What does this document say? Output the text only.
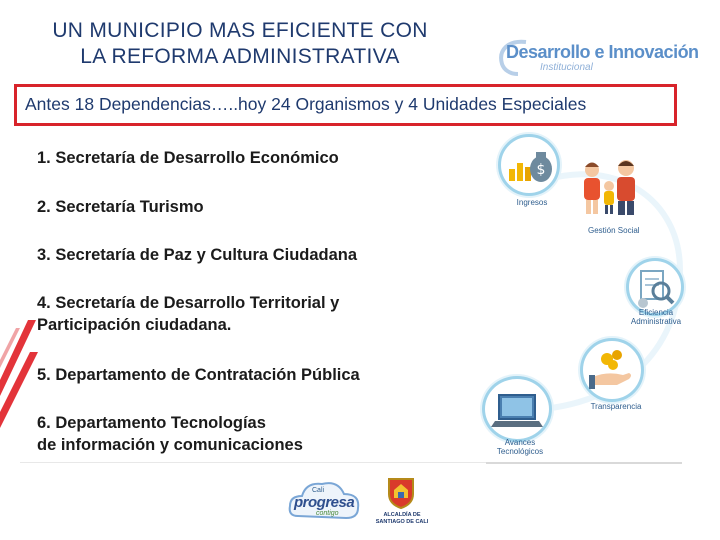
UN MUNICIPIO MAS EFICIENTE CON
LA REFORMA ADMINISTRATIVA	Desarrollo e Innovación
Institucional
Antes 18 Dependencias…..hoy 24 Organismos y 4 Unidades Especiales
1. Secretaría de Desarrollo Económico
2. Secretaría Turismo
3. Secretaría de Paz y Cultura Ciudadana
4. Secretaría de Desarrollo Territorial y
Participación ciudadana.
5. Departamento de Contratación Pública
6. Departamento Tecnologías
de información y comunicaciones
$
Ingresos
Gestión Social
Eficiencia
Administrativa
Transparencia
Avances
Tecnológicos
Cali
progresa
contigo	ALCALDÍA DE
SANTIAGO DE CALI
